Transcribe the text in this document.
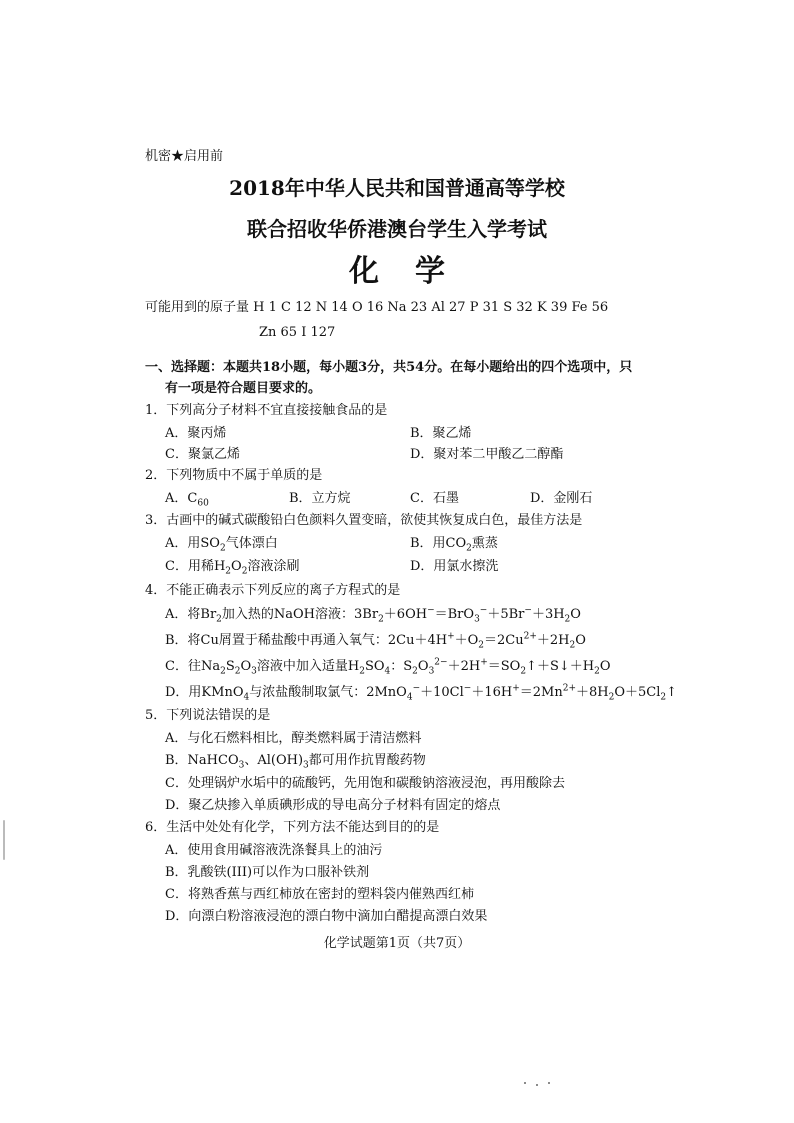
机密★启用前
2018年中华人民共和国普通高等学校
联合招收华侨港澳台学生入学考试
化学
可能用到的原子量 H 1 C 12 N 14 O 16 Na 23 Al 27 P 31 S 32 K 39 Fe 56
Zn 65 I 127
一、选择题：本题共18小题，每小题3分，共54分。在每小题给出的四个选项中，只
有一项是符合题目要求的。
1．下列高分子材料不宜直接接触食品的是
A．聚丙烯	B．聚乙烯
C．聚氯乙烯	D．聚对苯二甲酸乙二醇酯
2．下列物质中不属于单质的是
A．$C_{60}$	B．立方烷	C．石墨	D．金刚石
3．古画中的碱式碳酸铅白色颜料久置变暗，欲使其恢复成白色，最佳方法是
A．用$SO_2$气体漂白	B．用$CO_2$熏蒸
C．用稀$H_2O_2$溶液涂刷	D．用氯水擦洗
4．不能正确表示下列反应的离子方程式的是
A．将$Br_2$加入热的NaOH溶液：$3Br_2+6OH^-=BrO_3^-+5Br^-+3H_2O$
B．将Cu屑置于稀盐酸中再通入氧气：$2Cu+4H^++O_2=2Cu^{2+}+2H_2O$
C．往$Na_2S_2O_3$溶液中加入适量$H_2SO_4$：$S_2O_3^{2-}+2H^+=SO_2↑+S↓+H_2O$
D．用KMnO$_4$与浓盐酸制取氯气：$2MnO_4^-+10Cl^-+16H^+=2Mn^{2+}+8H_2O+5Cl_2↑$
5．下列说法错误的是
A．与化石燃料相比，醇类燃料属于清洁燃料
B．NaHCO$_3$、$Al(OH)_3$都可用作抗胃酸药物
C．处理锅炉水垢中的硫酸钙，先用饱和碳酸钠溶液浸泡，再用酸除去
D．聚乙炔掺入单质碘形成的导电高分子材料有固定的熔点
6．生活中处处有化学，下列方法不能达到目的的是
A．使用食用碱溶液洗涤餐具上的油污
B．乳酸铁(III)可以作为口服补铁剂
C．将熟香蕉与西红柿放在密封的塑料袋内催熟西红柿
D．向漂白粉溶液浸泡的漂白物中滴加白醋提高漂白效果
化学试题第1页（共7页）
